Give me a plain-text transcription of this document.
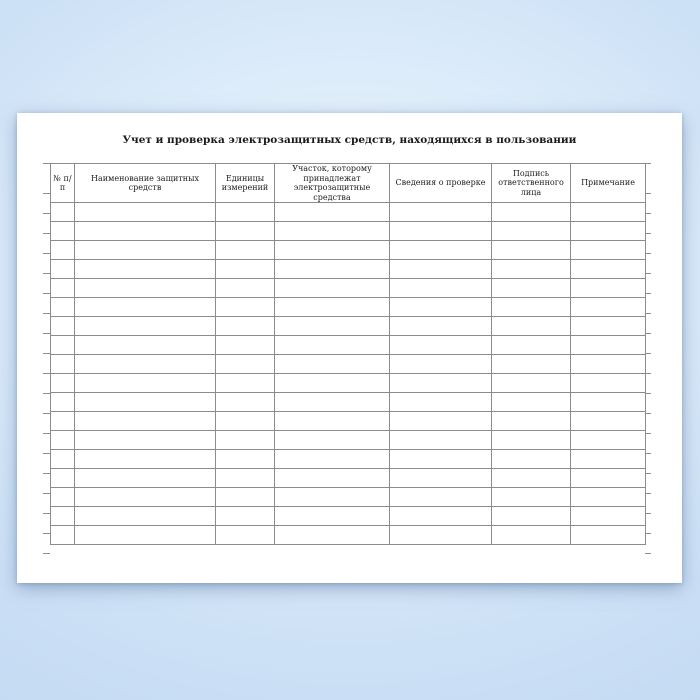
Учет и проверка электрозащитных средств, находящихся в пользовании
№ п/п	Наименование защитных средств	Единицы измерений	Участок, которому принадлежат электрозащитные средства	Сведения о проверке	Подпись ответственного лица	Примечание
